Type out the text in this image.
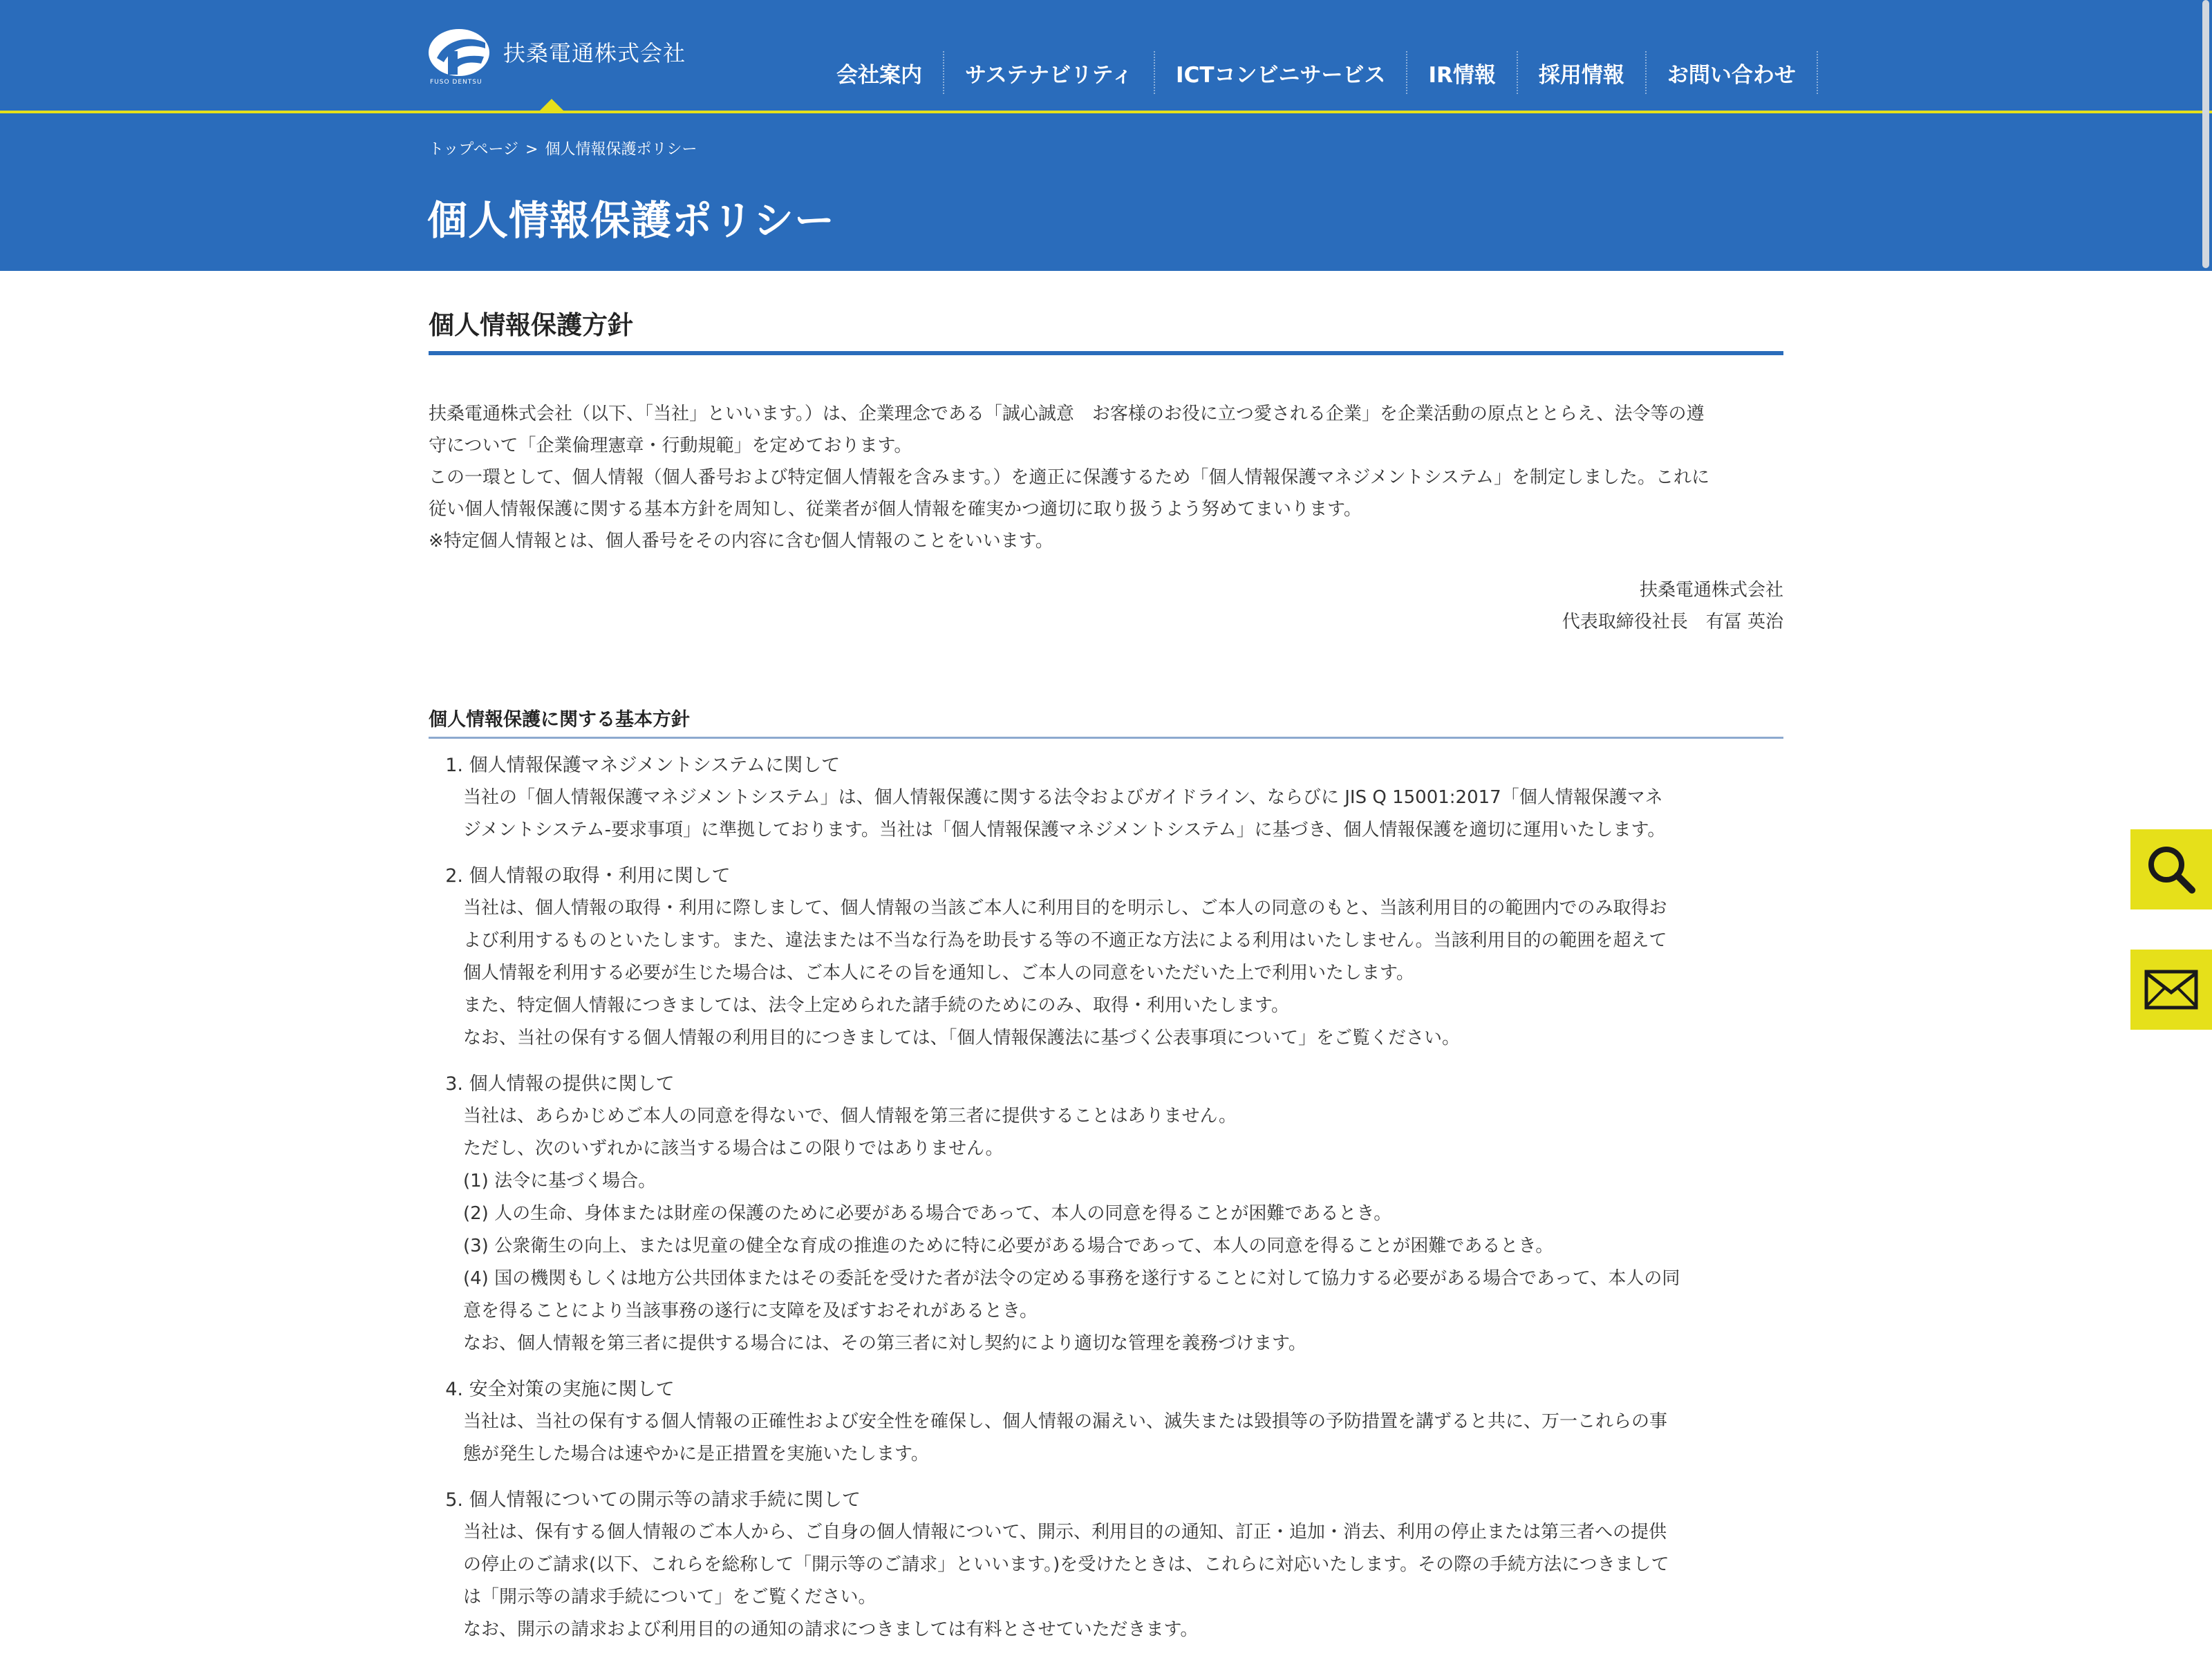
FUSO DENTSU
扶桑電通株式会社
会社案内	サステナビリティ	ICTコンビニサービス	IR情報	採用情報	お問い合わせ
トップページ > 個人情報保護ポリシー
個人情報保護ポリシー
個人情報保護方針

扶桑電通株式会社（以下、「当社」といいます。）は、企業理念である「誠心誠意　お客様のお役に立つ愛される企業」を企業活動の原点ととらえ、法令等の遵

守について「企業倫理憲章・行動規範」を定めております。

この一環として、個人情報（個人番号および特定個人情報を含みます。）を適正に保護するため「個人情報保護マネジメントシステム」を制定しました。これに

従い個人情報保護に関する基本方針を周知し、従業者が個人情報を確実かつ適切に取り扱うよう努めてまいります。

※特定個人情報とは、個人番号をその内容に含む個人情報のことをいいます。

扶桑電通株式会社

代表取締役社長　有冨 英治

個人情報保護に関する基本方針
1. 個人情報保護マネジメントシステムに関して
当社の「個人情報保護マネジメントシステム」は、個人情報保護に関する法令およびガイドライン、ならびに JIS Q 15001:2017「個人情報保護マネ
ジメントシステム-要求事項」に準拠しております。当社は「個人情報保護マネジメントシステム」に基づき、個人情報保護を適切に運用いたします。
2. 個人情報の取得・利用に関して
当社は、個人情報の取得・利用に際しまして、個人情報の当該ご本人に利用目的を明示し、ご本人の同意のもと、当該利用目的の範囲内でのみ取得お
よび利用するものといたします。また、違法または不当な行為を助長する等の不適正な方法による利用はいたしません。当該利用目的の範囲を超えて
個人情報を利用する必要が生じた場合は、ご本人にその旨を通知し、ご本人の同意をいただいた上で利用いたします。
また、特定個人情報につきましては、法令上定められた諸手続のためにのみ、取得・利用いたします。
なお、当社の保有する個人情報の利用目的につきましては、「個人情報保護法に基づく公表事項について」をご覧ください。
3. 個人情報の提供に関して
当社は、あらかじめご本人の同意を得ないで、個人情報を第三者に提供することはありません。
ただし、次のいずれかに該当する場合はこの限りではありません。
(1) 法令に基づく場合。
(2) 人の生命、身体または財産の保護のために必要がある場合であって、本人の同意を得ることが困難であるとき。
(3) 公衆衛生の向上、または児童の健全な育成の推進のために特に必要がある場合であって、本人の同意を得ることが困難であるとき。
(4) 国の機関もしくは地方公共団体またはその委託を受けた者が法令の定める事務を遂行することに対して協力する必要がある場合であって、本人の同
意を得ることにより当該事務の遂行に支障を及ぼすおそれがあるとき。
なお、個人情報を第三者に提供する場合には、その第三者に対し契約により適切な管理を義務づけます。
4. 安全対策の実施に関して
当社は、当社の保有する個人情報の正確性および安全性を確保し、個人情報の漏えい、滅失または毀損等の予防措置を講ずると共に、万一これらの事
態が発生した場合は速やかに是正措置を実施いたします。
5. 個人情報についての開示等の請求手続に関して
当社は、保有する個人情報のご本人から、ご自身の個人情報について、開示、利用目的の通知、訂正・追加・消去、利用の停止または第三者への提供
の停止のご請求(以下、これらを総称して「開示等のご請求」といいます。)を受けたときは、これらに対応いたします。その際の手続方法につきまして
は「開示等の請求手続について」をご覧ください。
なお、開示の請求および利用目的の通知の請求につきましては有料とさせていただきます。
